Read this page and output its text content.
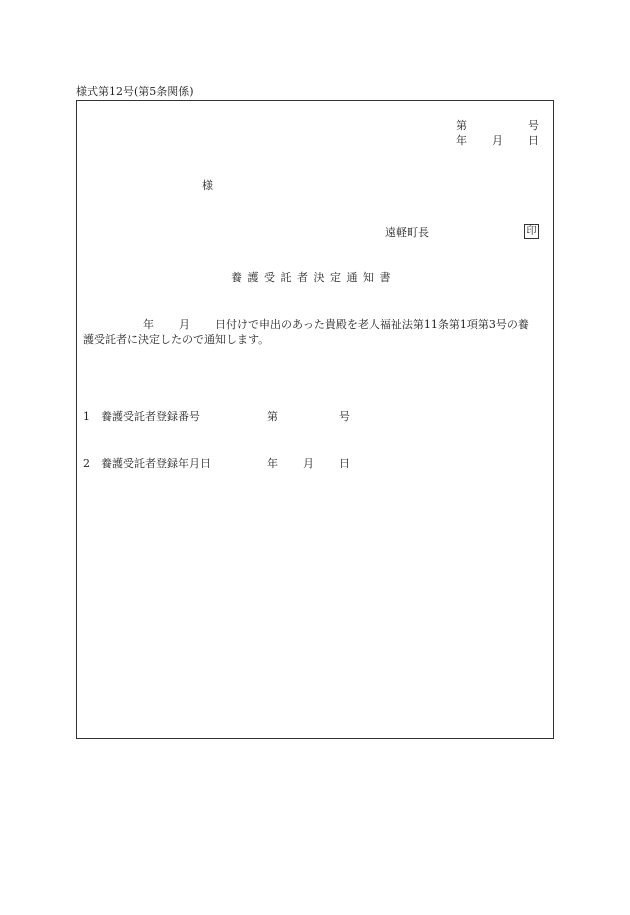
様式第12号(第5条関係)
第	号
年 月 日
様
遠軽町長	印
養護受託者決定通知書
年 月 日付けで申出のあった貴殿を老人福祉法第11条第1項第3号の養
護受託者に決定したので通知します。
1 養護受託者登録番号	第	号
2 養護受託者登録年月日	年 月 日
